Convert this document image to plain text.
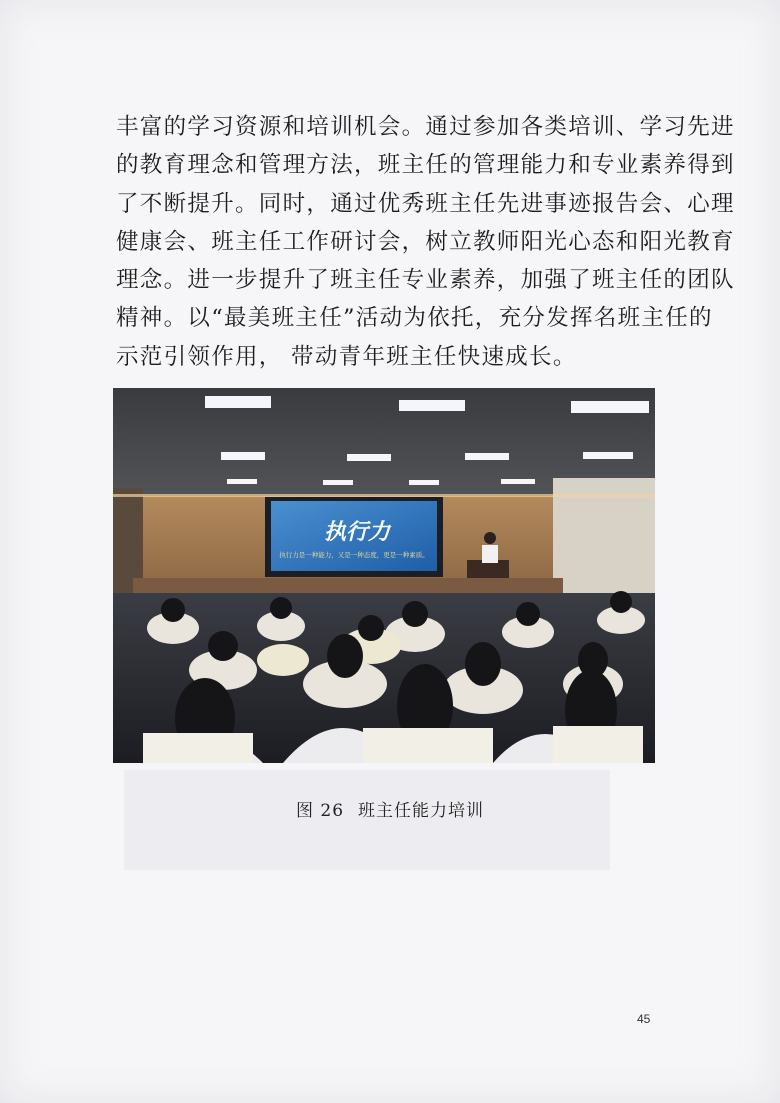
丰富的学习资源和培训机会。通过参加各类培训、学习先进

的教育理念和管理方法，班主任的管理能力和专业素养得到

了不断提升。同时，通过优秀班主任先进事迹报告会、心理

健康会、班主任工作研讨会，树立教师阳光心态和阳光教育

理念。进一步提升了班主任专业素养，加强了班主任的团队

精神。以“最美班主任”活动为依托，充分发挥名班主任的

示范引领作用， 带动青年班主任快速成长。

执行力
执行力是一种能力，又是一种态度，更是一种素质。
图 26 班主任能力培训
45
